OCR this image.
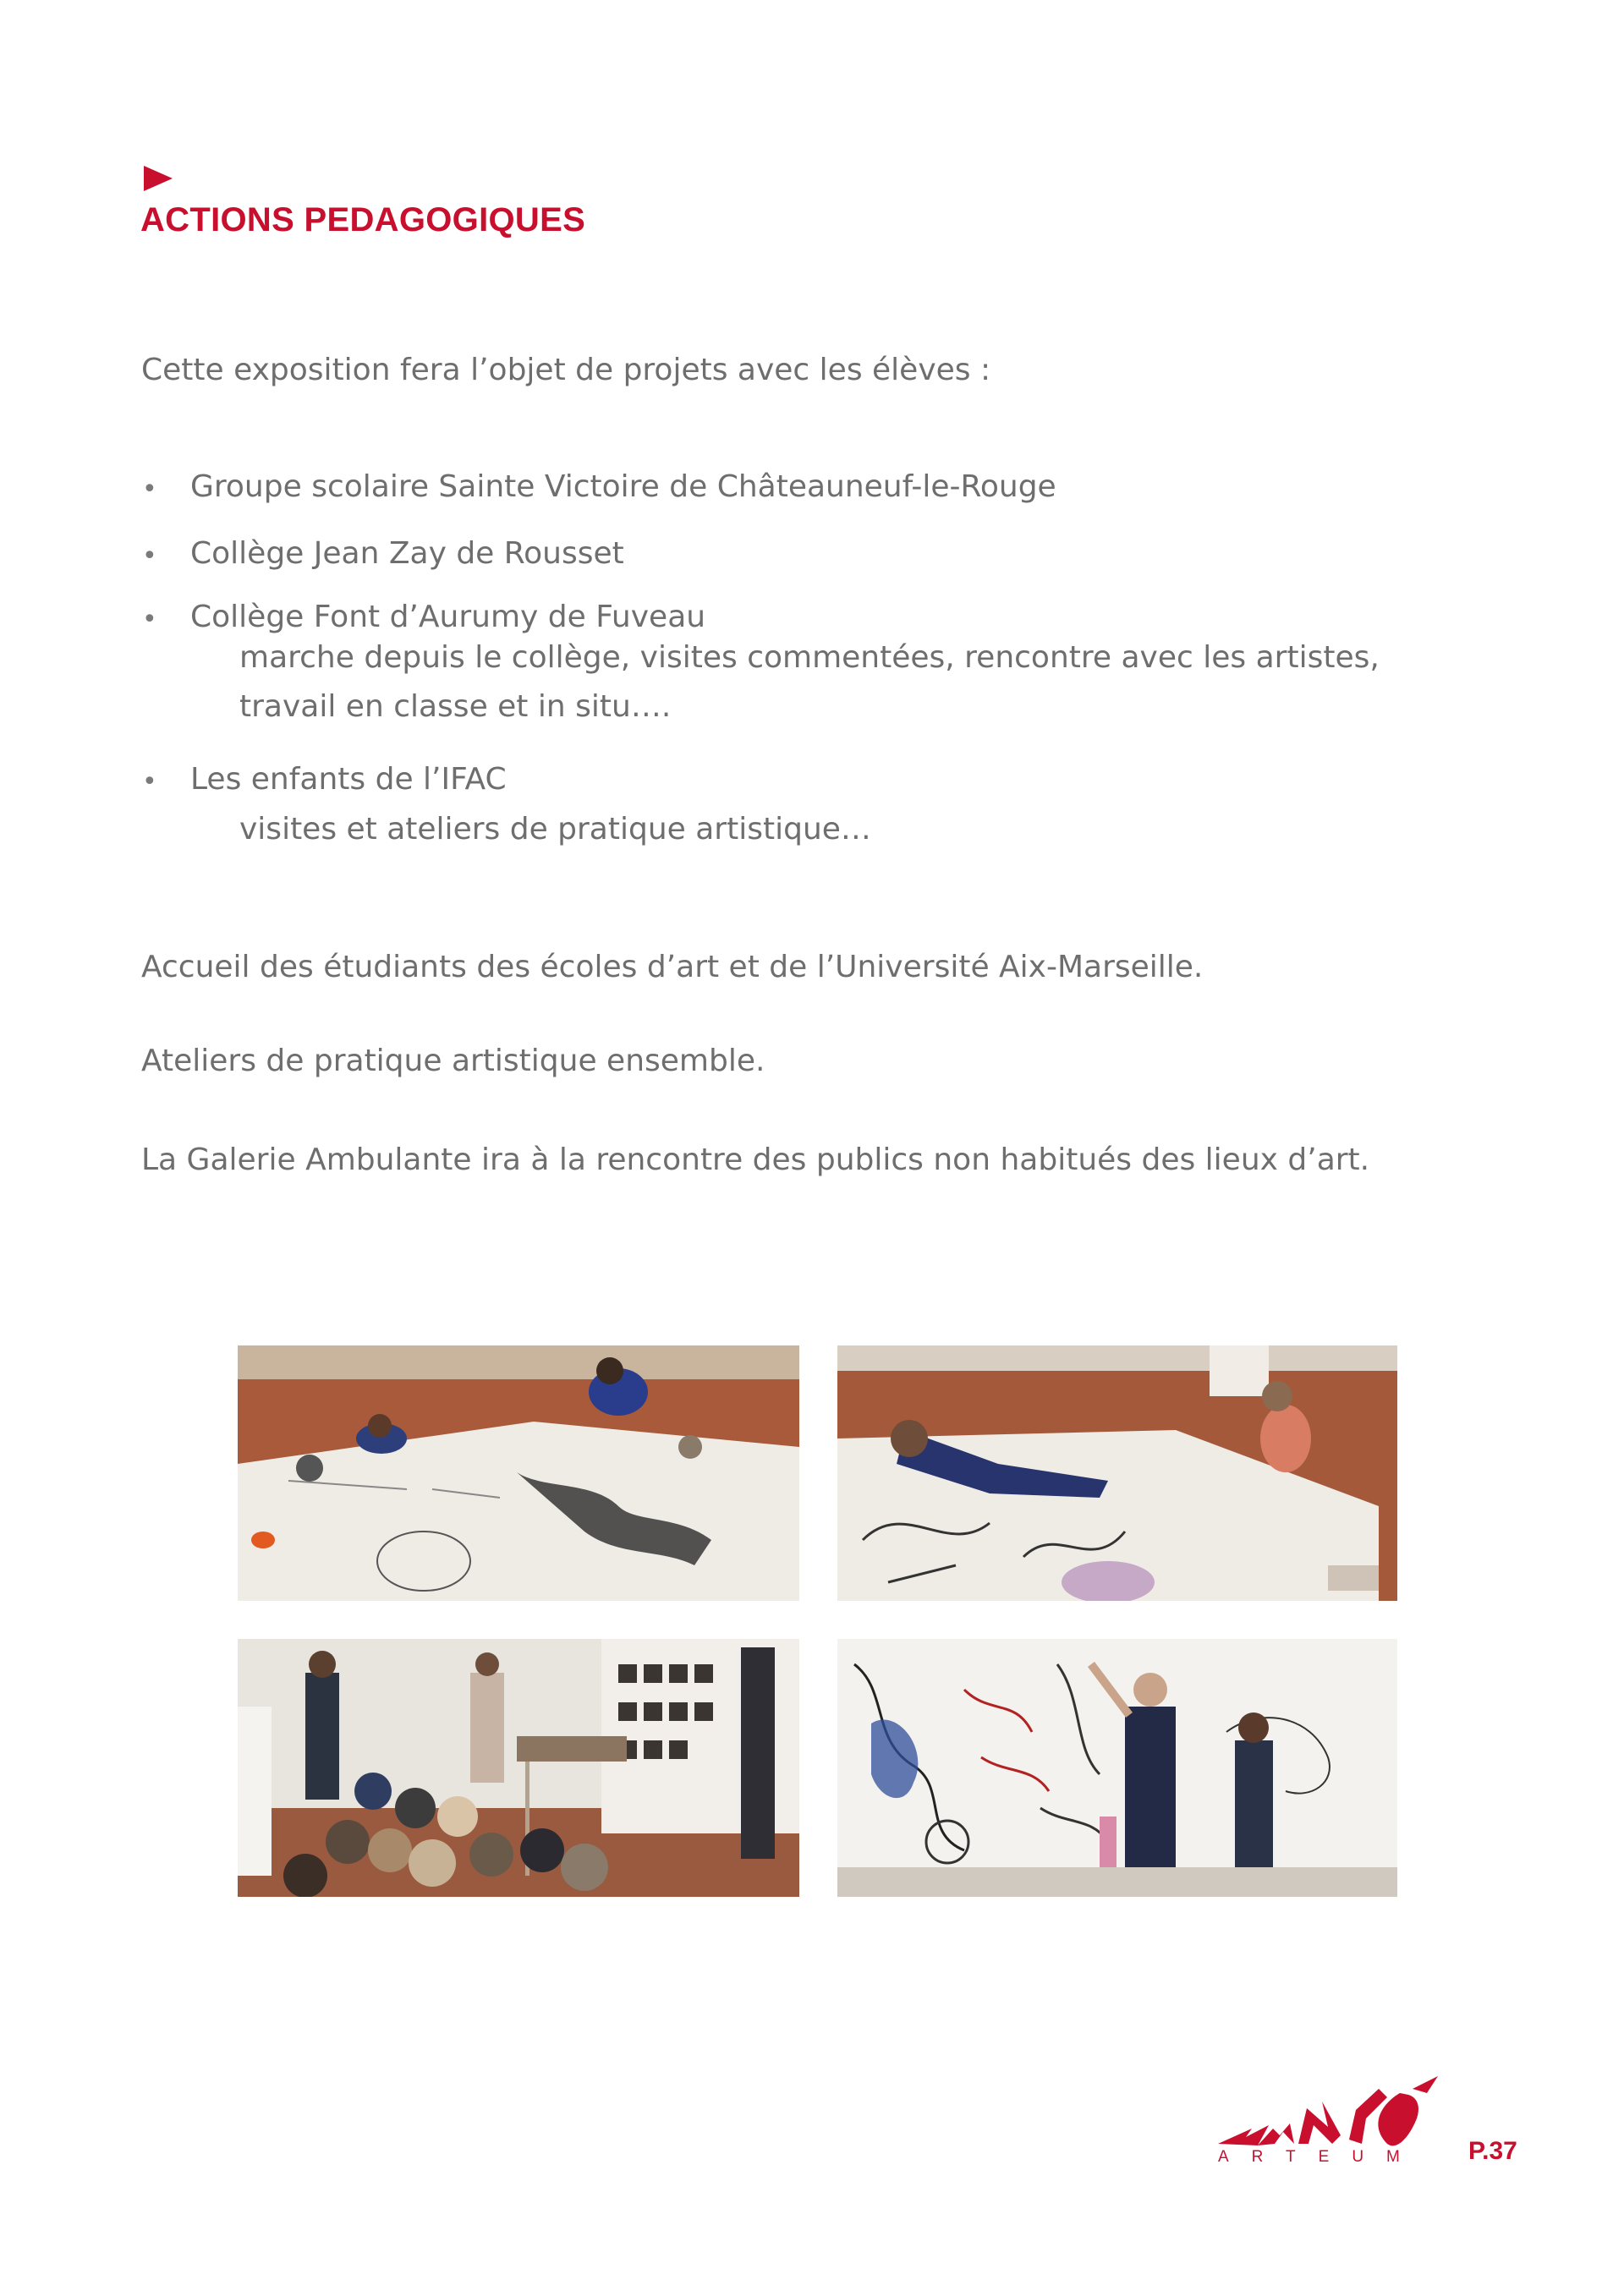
ACTIONS PEDAGOGIQUES

Cette exposition fera l’objet de projets avec les élèves :

• Groupe scolaire Sainte Victoire de Châteauneuf-le-Rouge
• Collège Jean Zay de Rousset
• Collège Font d’Aurumy de Fuveau
marche depuis le collège, visites commentées, rencontre avec les artistes,
travail en classe et in situ….
• Les enfants de l’IFAC
visites et ateliers de pratique artistique…

Accueil des étudiants des écoles d’art et de l’Université Aix-Marseille.

Ateliers de pratique artistique ensemble.

La Galerie Ambulante ira à la rencontre des publics non habitués des lieux d’art.

ARTEUM P.37
